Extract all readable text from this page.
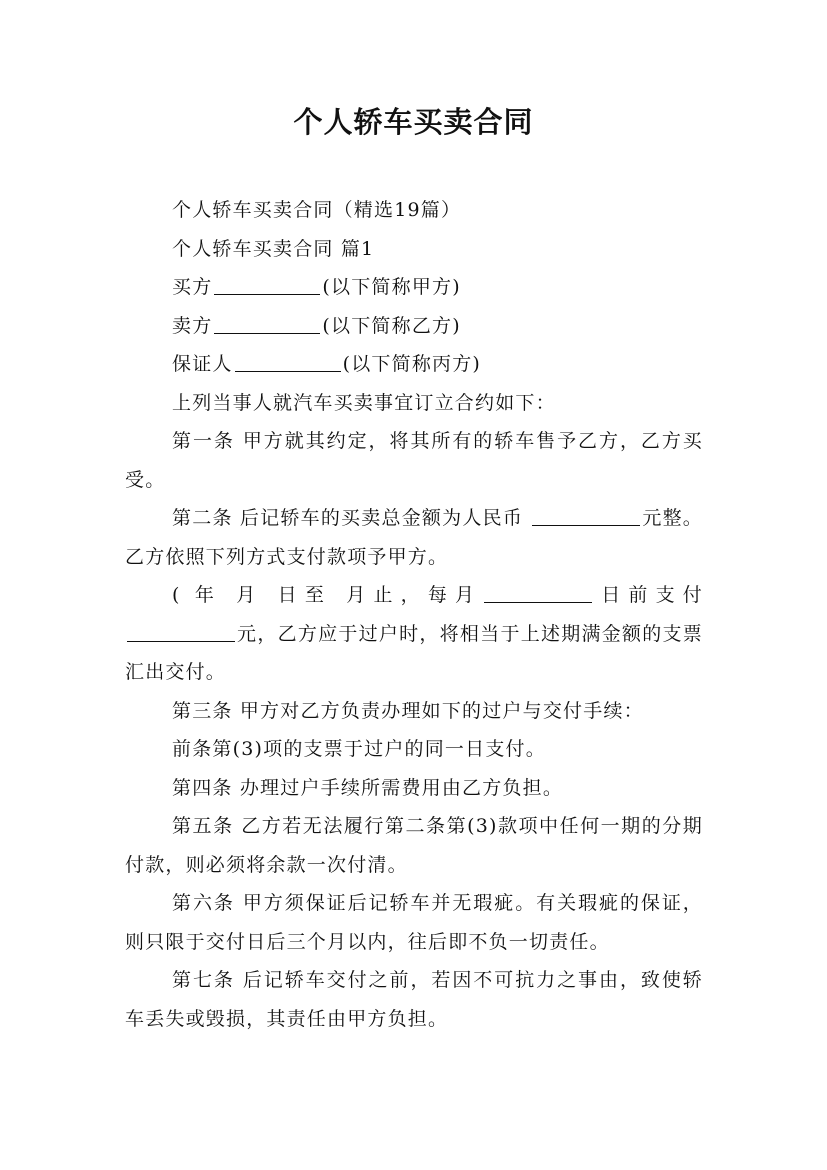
个人轿车买卖合同

个人轿车买卖合同（精选19篇）

个人轿车买卖合同 篇1

买方	(以下简称甲方)

卖方	(以下简称乙方)

保证人	(以下简称丙方)

上列当事人就汽车买卖事宜订立合约如下：

第一条 甲方就其约定，将其所有的轿车售予乙方，乙方买受。

第二条 后记轿车的买卖总金额为人民币	元整。乙方依照下列方式支付款项予甲方。

( 年 月 日至 月止，每月	日前支付 元，乙方应于过户时，将相当于上述期满金额的支票汇出交付。

第三条 甲方对乙方负责办理如下的过户与交付手续：

前条第(3)项的支票于过户的同一日支付。

第四条 办理过户手续所需费用由乙方负担。

第五条 乙方若无法履行第二条第(3)款项中任何一期的分期付款，则必须将余款一次付清。

第六条 甲方须保证后记轿车并无瑕疵。有关瑕疵的保证，则只限于交付日后三个月以内，往后即不负一切责任。

第七条 后记轿车交付之前，若因不可抗力之事由，致使轿车丢失或毁损，其责任由甲方负担。
